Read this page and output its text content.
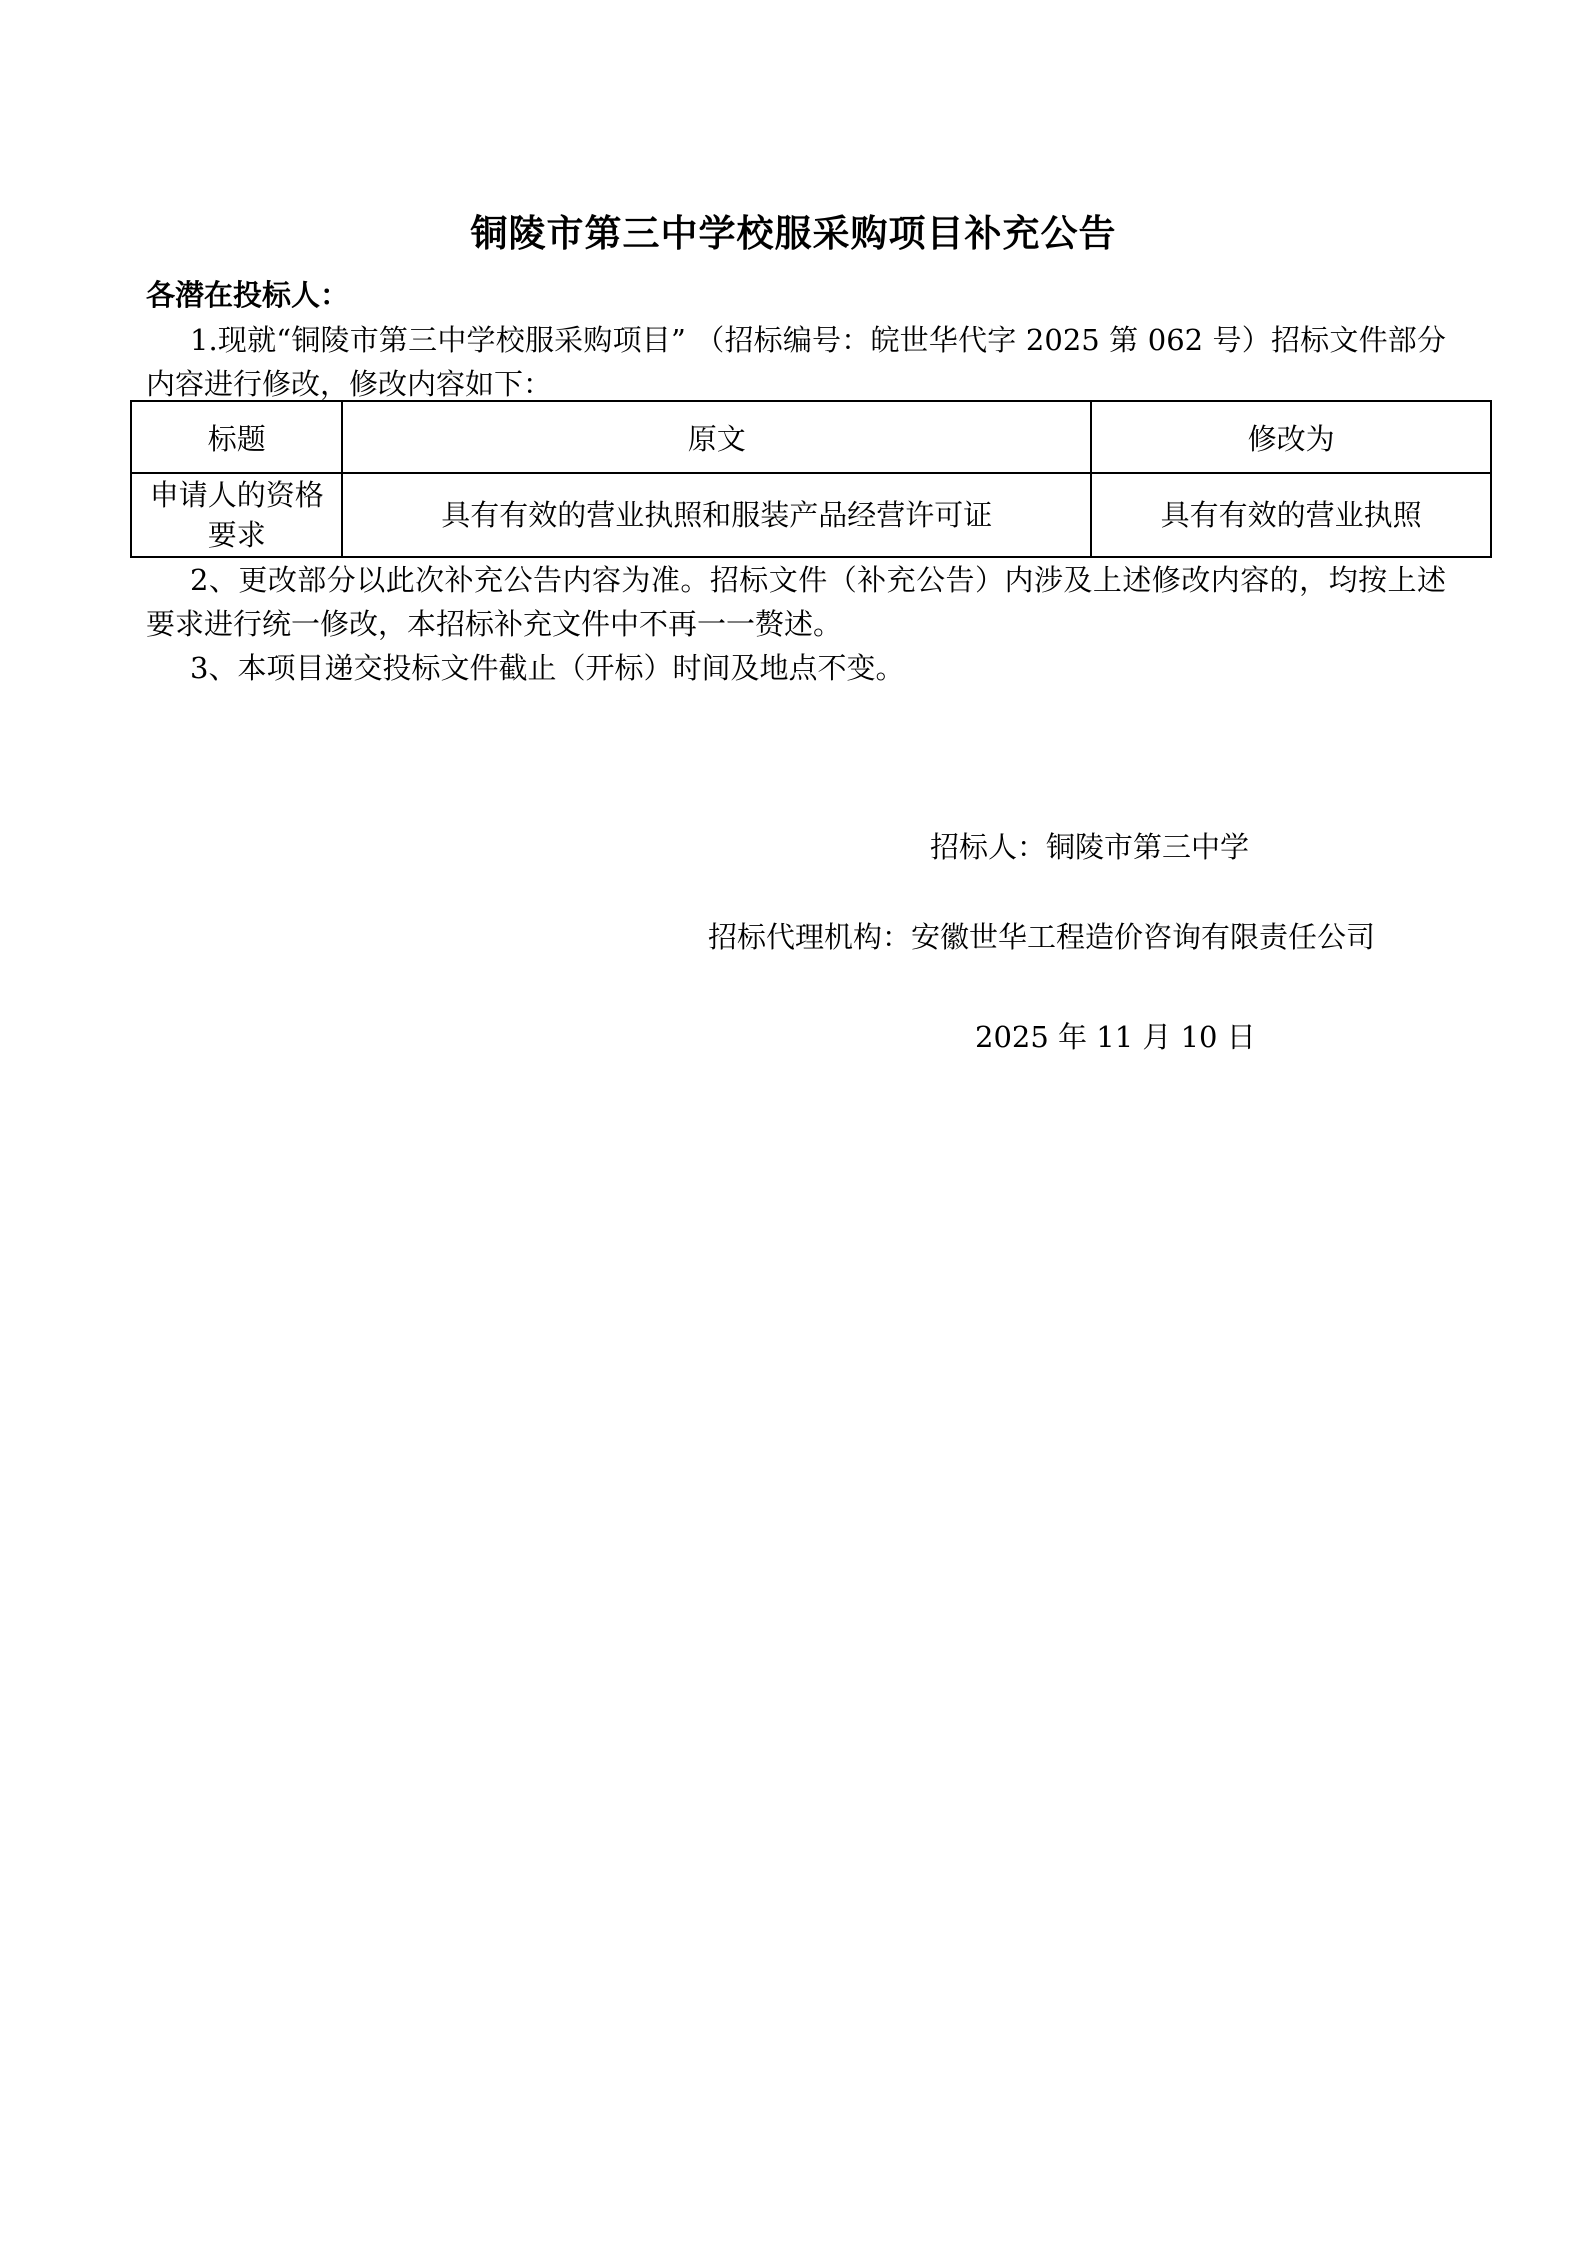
铜陵市第三中学校服采购项目补充公告
各潜在投标人：
1.现就“铜陵市第三中学校服采购项目” （招标编号：皖世华代字 2025 第 062 号）招标文件部分内容进行修改，修改内容如下：
标题	原文	修改为
申请人的资格要求	具有有效的营业执照和服装产品经营许可证	具有有效的营业执照
2、更改部分以此次补充公告内容为准。招标文件（补充公告）内涉及上述修改内容的，均按上述要求进行统一修改，本招标补充文件中不再一一赘述。
3、本项目递交投标文件截止（开标）时间及地点不变。
招标人：铜陵市第三中学
招标代理机构：安徽世华工程造价咨询有限责任公司
2025 年 11 月 10 日
